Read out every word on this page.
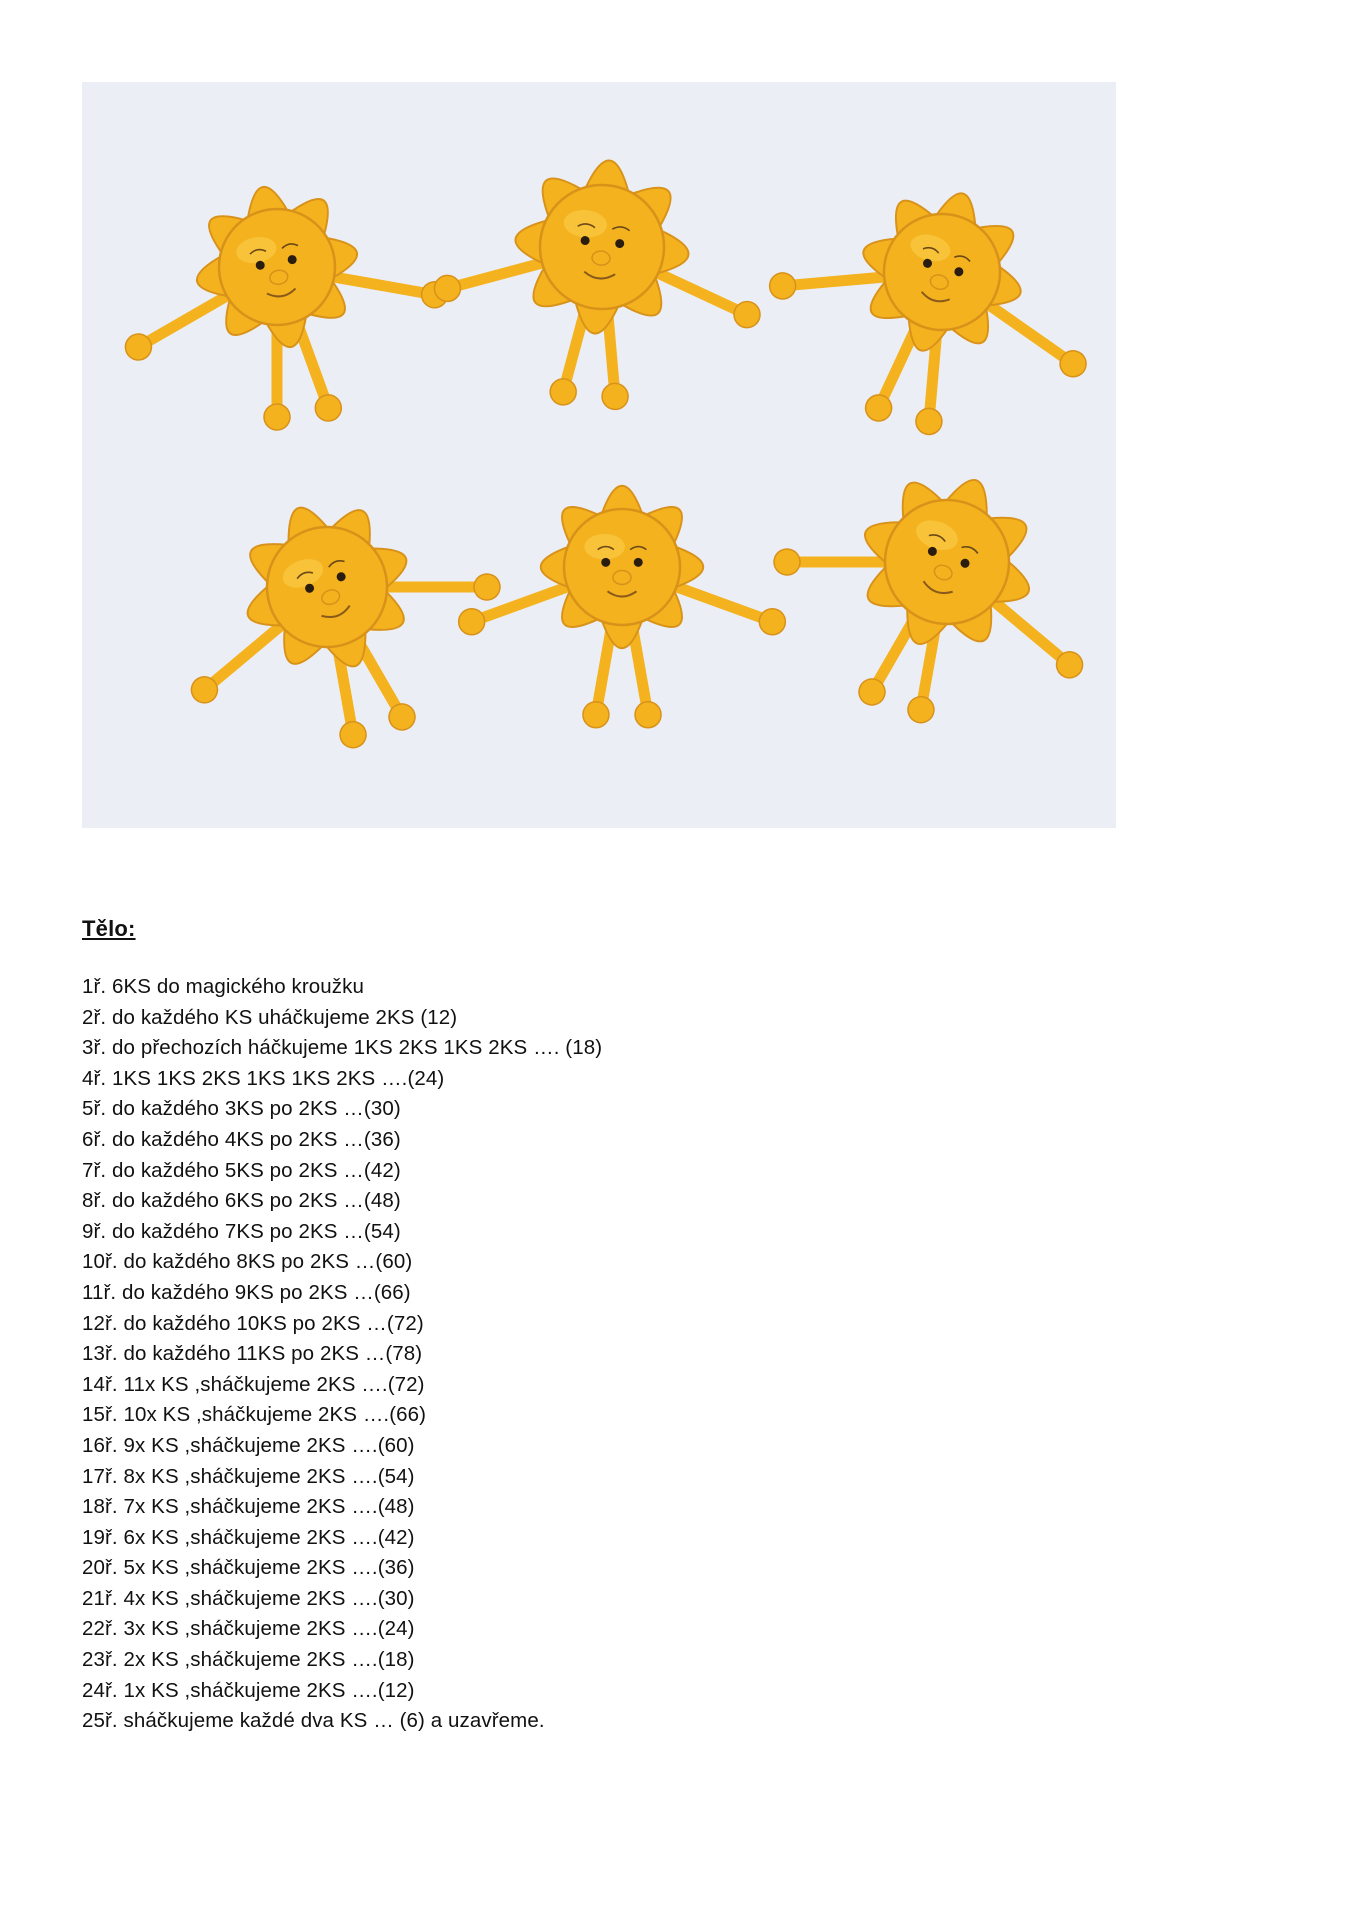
Tělo:
1ř. 6KS do magického kroužku
2ř. do každého KS uháčkujeme 2KS (12)
3ř. do přechozích háčkujeme 1KS 2KS 1KS 2KS …. (18)
4ř. 1KS 1KS 2KS 1KS 1KS 2KS ….(24)
5ř. do každého 3KS po 2KS …(30)
6ř. do každého 4KS po 2KS …(36)
7ř. do každého 5KS po 2KS …(42)
8ř. do každého 6KS po 2KS …(48)
9ř. do každého 7KS po 2KS …(54)
10ř. do každého 8KS po 2KS …(60)
11ř. do každého 9KS po 2KS …(66)
12ř. do každého 10KS po 2KS …(72)
13ř. do každého 11KS po 2KS …(78)
14ř. 11x KS ,sháčkujeme 2KS ….(72)
15ř. 10x KS ,sháčkujeme 2KS ….(66)
16ř. 9x KS ,sháčkujeme 2KS ….(60)
17ř. 8x KS ,sháčkujeme 2KS ….(54)
18ř. 7x KS ,sháčkujeme 2KS ….(48)
19ř. 6x KS ,sháčkujeme 2KS ….(42)
20ř. 5x KS ,sháčkujeme 2KS ….(36)
21ř. 4x KS ,sháčkujeme 2KS ….(30)
22ř. 3x KS ,sháčkujeme 2KS ….(24)
23ř. 2x KS ,sháčkujeme 2KS ….(18)
24ř. 1x KS ,sháčkujeme 2KS ….(12)
25ř. sháčkujeme každé dva KS … (6) a uzavřeme.
